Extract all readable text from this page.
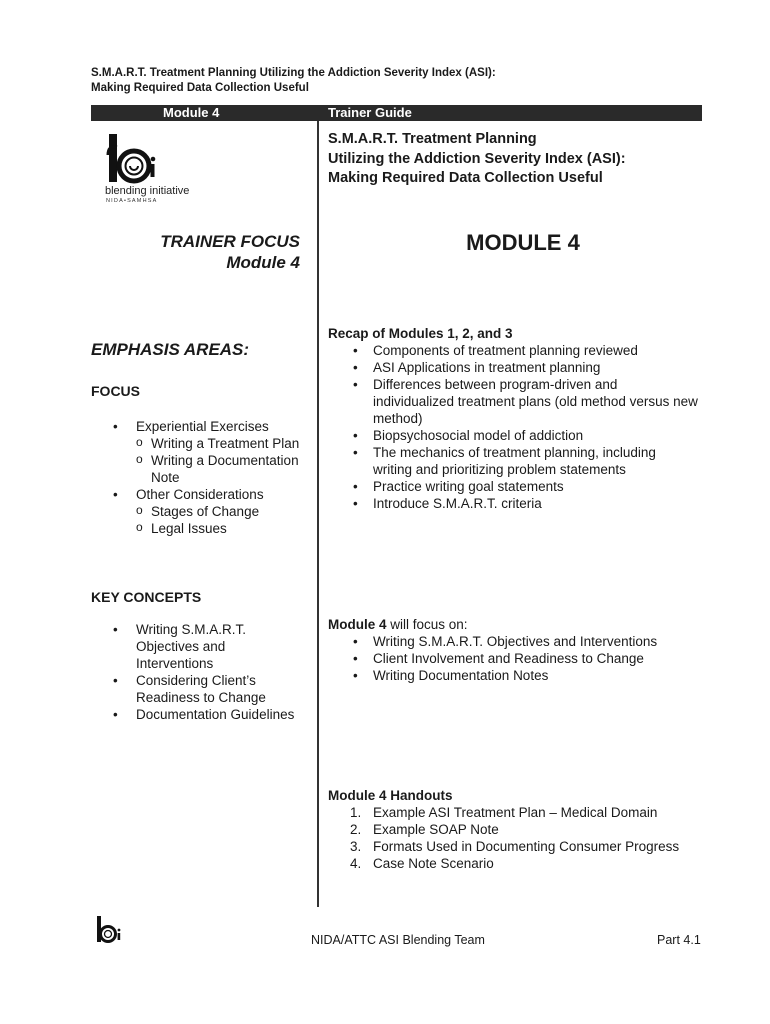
S.M.A.R.T. Treatment Planning Utilizing the Addiction Severity Index (ASI):
Making Required Data Collection Useful
Module 4	Trainer Guide
blending initiative
NIDA•SAMHSA
S.M.A.R.T. Treatment Planning
Utilizing the Addiction Severity Index (ASI):
Making Required Data Collection Useful
TRAINER FOCUS
Module 4
MODULE 4
EMPHASIS AREAS:
FOCUS
• Experiential Exercises
o Writing a Treatment Plan
o Writing a Documentation Note
• Other Considerations
o Stages of Change
o Legal Issues
KEY CONCEPTS
• Writing S.M.A.R.T. Objectives and Interventions
• Considering Client’s Readiness to Change
• Documentation Guidelines
Recap of Modules 1, 2, and 3
• Components of treatment planning reviewed
• ASI Applications in treatment planning
• Differences between program-driven and individualized treatment plans (old method versus new method)
• Biopsychosocial model of addiction
• The mechanics of treatment planning, including writing and prioritizing problem statements
• Practice writing goal statements
• Introduce S.M.A.R.T. criteria
Module 4 will focus on:
• Writing S.M.A.R.T. Objectives and Interventions
• Client Involvement and Readiness to Change
• Writing Documentation Notes
Module 4 Handouts
1. Example ASI Treatment Plan – Medical Domain
2. Example SOAP Note
3. Formats Used in Documenting Consumer Progress
4. Case Note Scenario
NIDA/ATTC ASI Blending Team	Part 4.1
